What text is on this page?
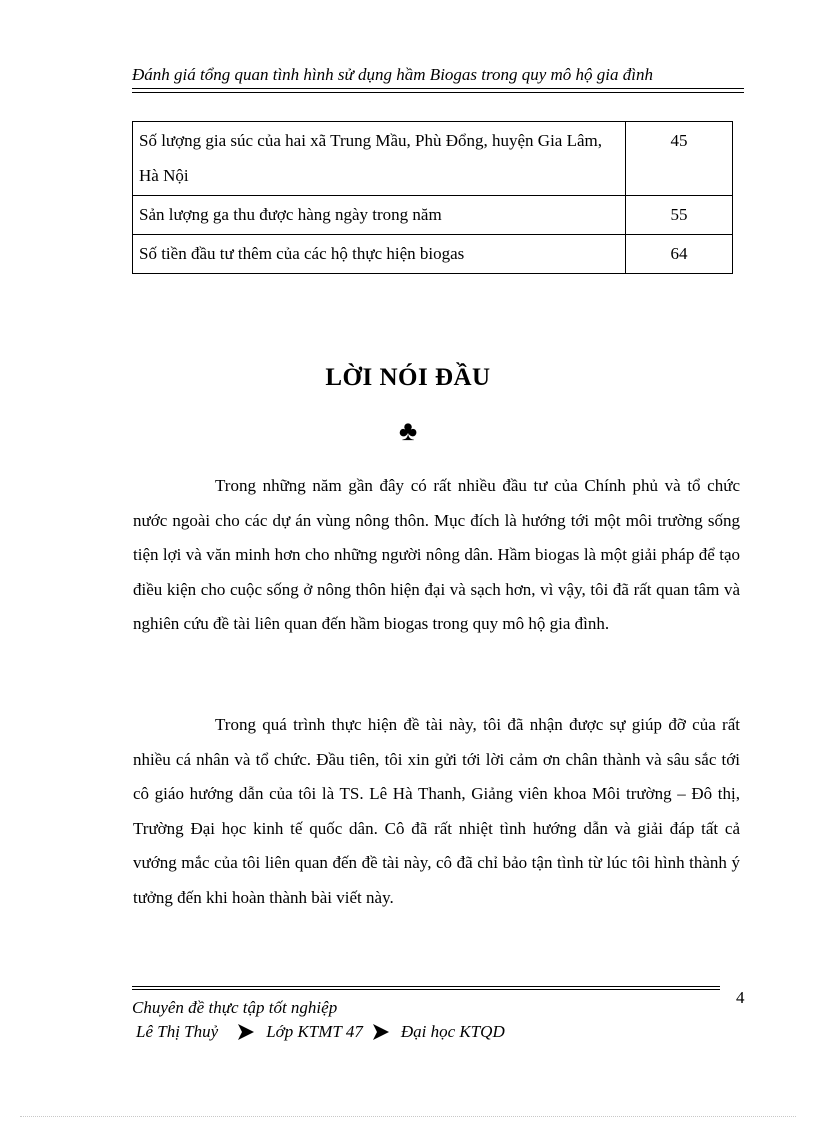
Đánh giá tổng quan tình hình sử dụng hầm Biogas trong quy mô hộ gia đình
Số lượng gia súc của hai xã Trung Mầu, Phù Đổng, huyện Gia Lâm, Hà Nội	45
Sản lượng ga thu được hàng ngày trong năm	55
Số tiền đầu tư thêm của các hộ thực hiện biogas	64
LỜI NÓI ĐẦU
♣

Trong những năm gần đây có rất nhiều đầu tư của Chính phủ và tổ chức nước ngoài cho các dự án vùng nông thôn. Mục đích là hướng tới một môi trường sống tiện lợi và văn minh hơn cho những người nông dân. Hầm biogas là một giải pháp để tạo điều kiện cho cuộc sống ở nông thôn hiện đại và sạch hơn, vì vậy, tôi đã rất quan tâm và nghiên cứu đề tài liên quan đến hầm biogas trong quy mô hộ gia đình.

Trong quá trình thực hiện đề tài này, tôi đã nhận được sự giúp đỡ của rất nhiều cá nhân và tổ chức. Đầu tiên, tôi xin gửi tới lời cảm ơn chân thành và sâu sắc tới cô giáo hướng dẫn của tôi là TS. Lê Hà Thanh, Giảng viên khoa Môi trường – Đô thị, Trường Đại học kinh tế quốc dân. Cô đã rất nhiệt tình hướng dẫn và giải đáp tất cả vướng mắc của tôi liên quan đến đề tài này, cô đã chỉ bảo tận tình từ lúc tôi hình thành ý tưởng đến khi hoàn thành bài viết này.

4
Chuyên đề thực tập tốt nghiệp
Lê Thị Thuỷ	Lớp KTMT 47 Đại học KTQD
